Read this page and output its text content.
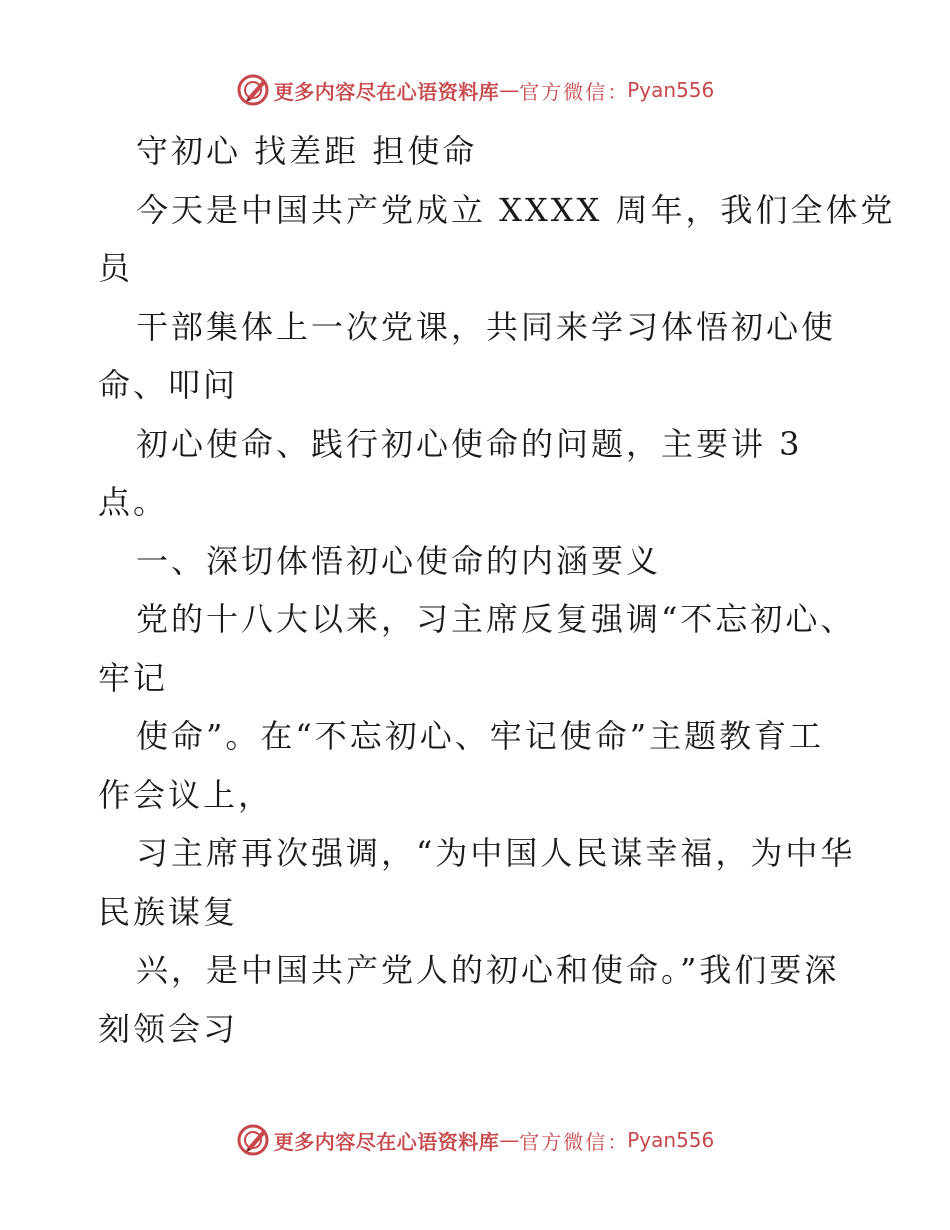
更多内容尽在心语资料库 — 官方微信 ： Pyan556
守初心 找差距 担使命
今天是中国共产党成立 XXXX 周年，我们全体党
员
干部集体上一次党课，共同来学习体悟初心使
命、叩问
初心使命、践行初心使命的问题，主要讲 3
点。
一、深切体悟初心使命的内涵要义
党的十八大以来，习主席反复强调“不忘初心、
牢记
使命”。在“不忘初心、牢记使命”主题教育工
作会议上，
习主席再次强调，“为中国人民谋幸福，为中华
民族谋复
兴，是中国共产党人的初心和使命。”我们要深
刻领会习
更多内容尽在心语资料库 — 官方微信 ： Pyan556
